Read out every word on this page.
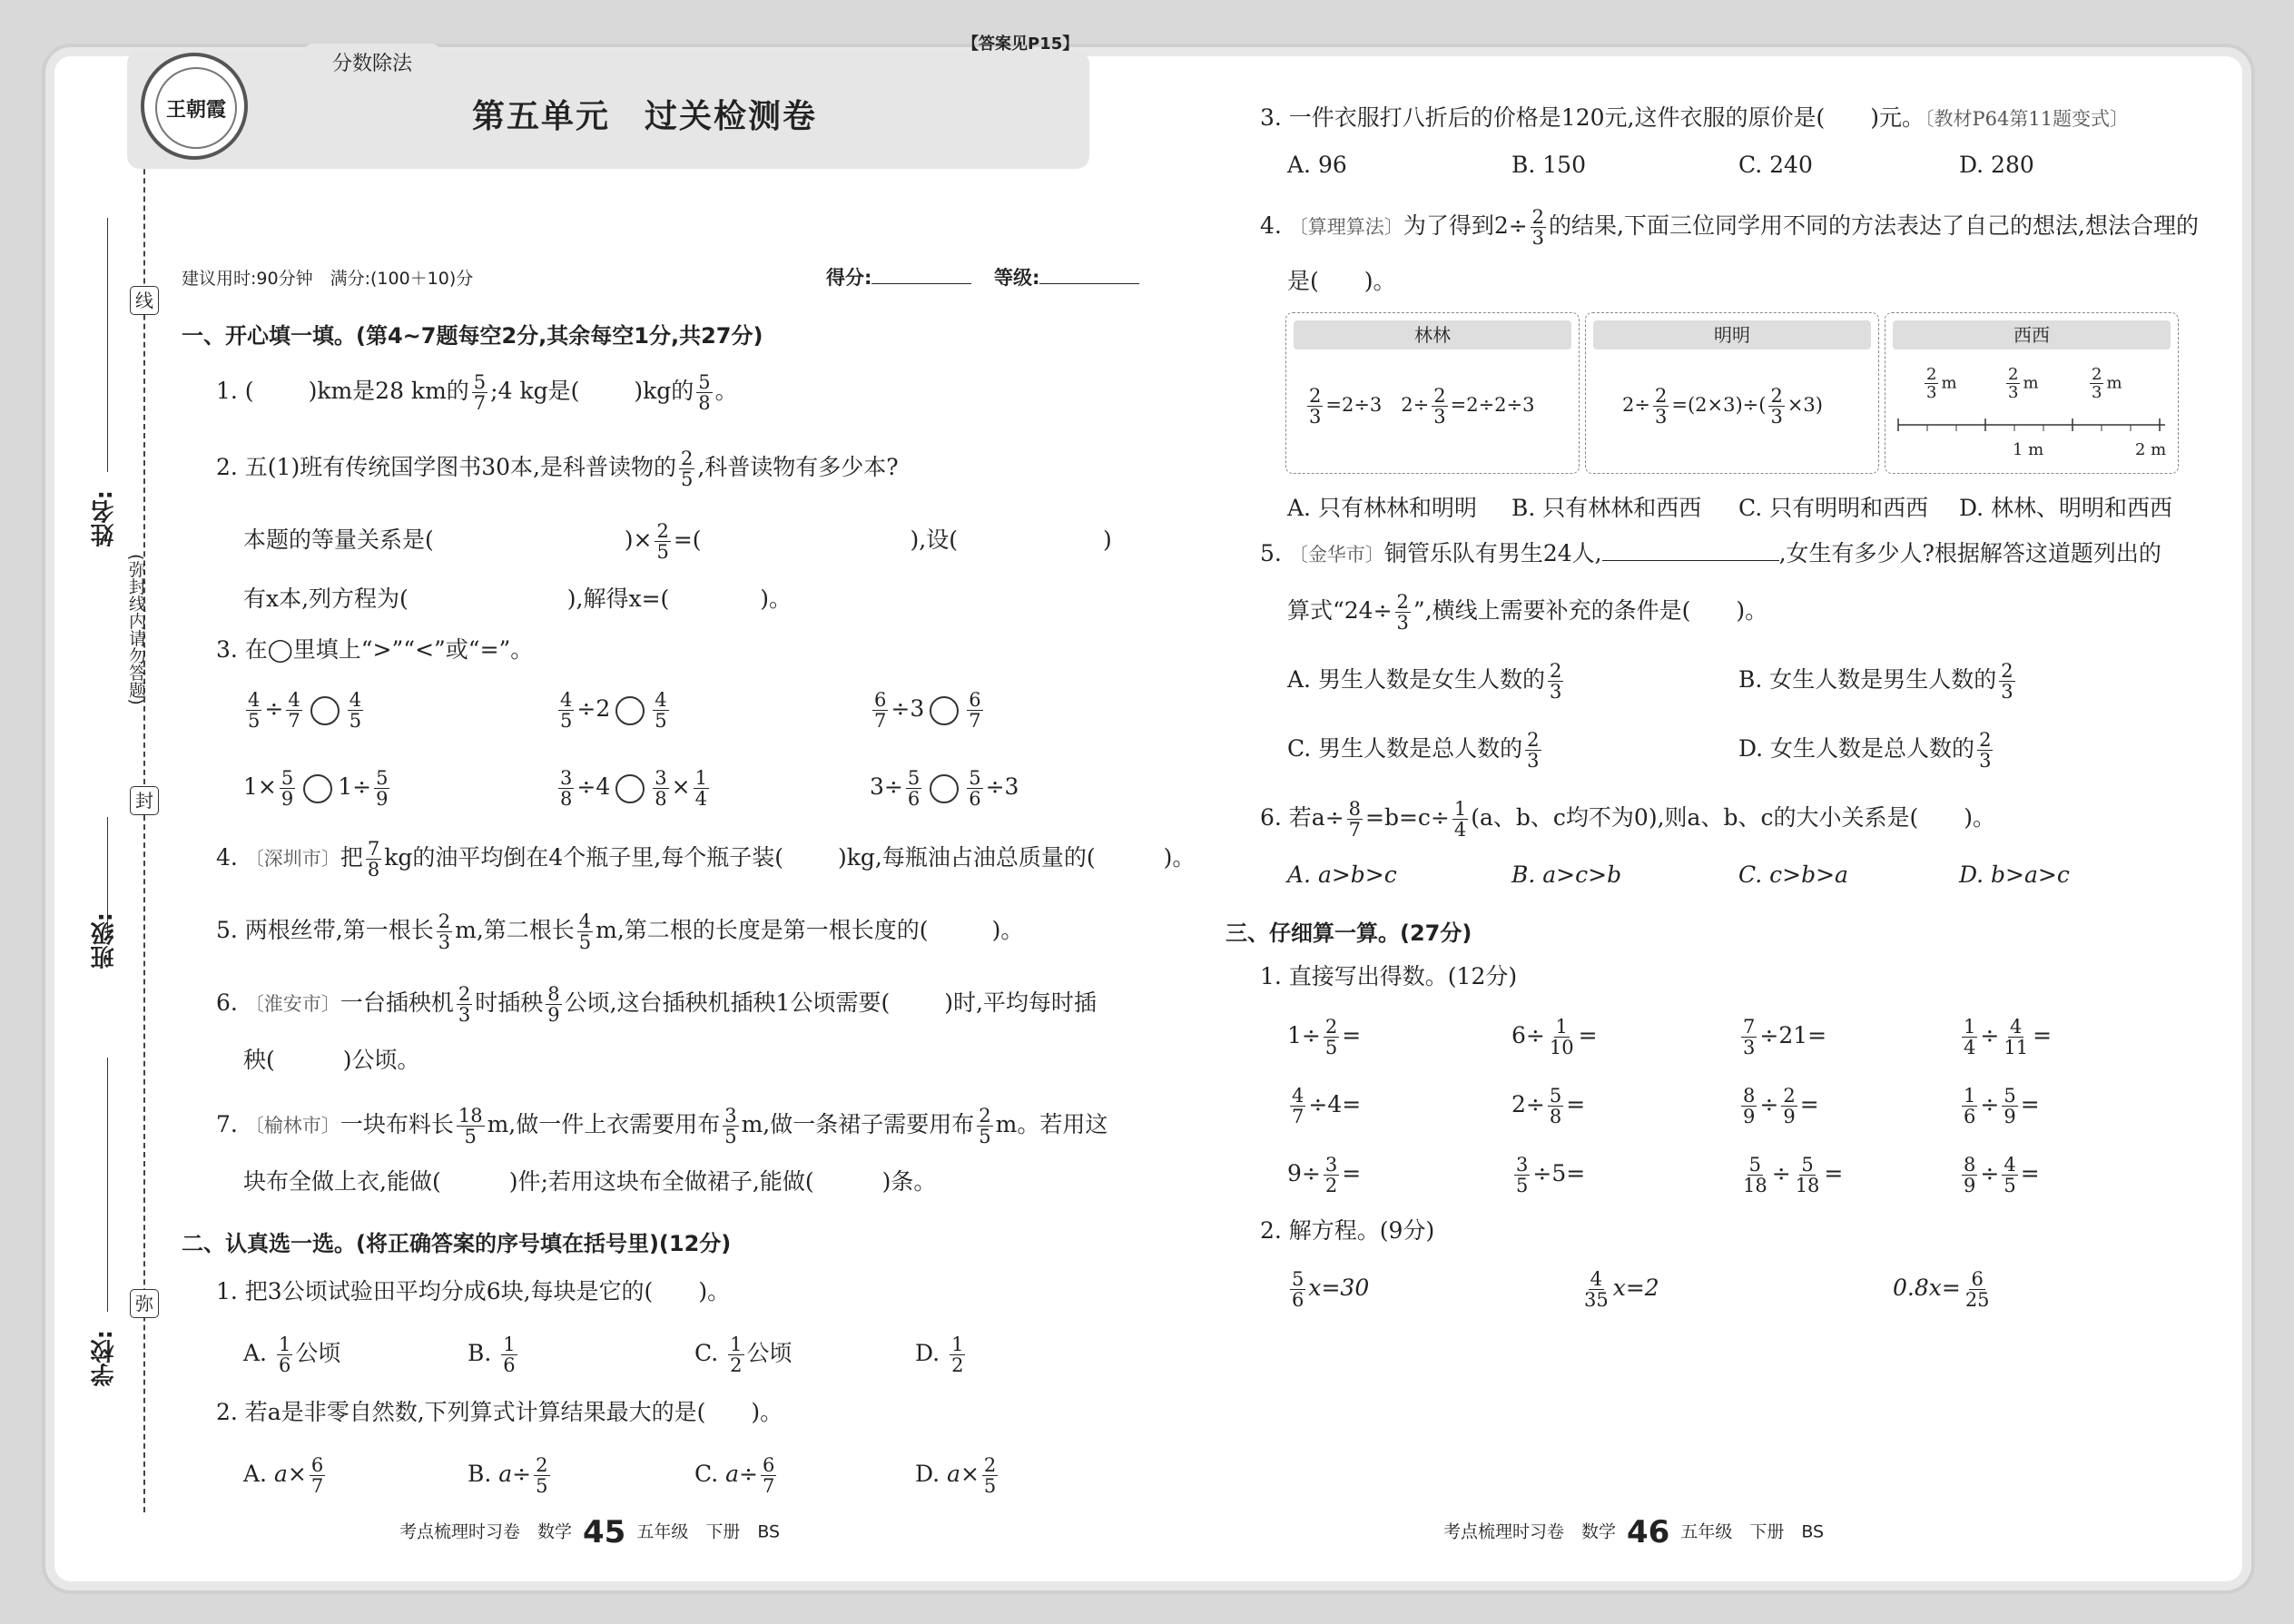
姓名:
班级:
学校:
线
封
弥
(弥封线内请勿答题)
分数除法
王朝霞
【答案见P15】
第五单元　过关检测卷
建议用时:90分钟　满分:(100＋10)分	得分:	等级:
一、开心填一填。(第4~7题每空2分,其余每空1分,共27分)
1. ( )km是28 km的 $\frac{5}{7}$ ;4 kg是( )kg的 $\frac{5}{8}$ 。
2. 五(1)班有传统国学图书30本,是科普读物的 $\frac{2}{5}$ ,科普读物有多少本?
本题的等量关系是(	)× $\frac{2}{5}$ =(	),设(	)
有x本,列方程为(　　　　　　　),解得x=(　　　　)。
3. 在◯里填上“>”“<”或“=”。
$\frac{4}{5} \div \frac{4}{7} \frac{4}{5}$	$\frac{4}{5} \div 2 \frac{4}{5}$	$\frac{6}{7} \div 3 \frac{6}{7}$
$1\times \frac{5}{9} 1\div \frac{5}{9}$	$\frac{3}{8} \div 4 \frac{3}{8} \times \frac{1}{4}$	$3\div \frac{5}{6} \frac{5}{6} \div 3$
4. 〔深圳市〕把 $\frac{7}{8}$ kg的油平均倒在4个瓶子里,每个瓶子装( )kg,每瓶油占油总质量的(	)。
5. 两根丝带,第一根长 $\frac{2}{3} m$,第二根长 $\frac{4}{5} m$,第二根的长度是第一根长度的(	)。
6. 〔淮安市〕一台插秧机 $\frac{2}{3}$ 时插秧 $\frac{8}{9}$ 公顷,这台插秧机插秧1公顷需要( )时,平均每时插
秧(　　　)公顷。
7. 〔榆林市〕一块布料长 $\frac{18}{5} m$,做一件上衣需要用布 $\frac{3}{5} m$,做一条裙子需要用布 $\frac{2}{5}$ m。若用这
块布全做上衣,能做(　　　)件;若用这块布全做裙子,能做(　　　)条。
二、认真选一选。(将正确答案的序号填在括号里)(12分)
1. 把3公顷试验田平均分成6块,每块是它的(　　)。
A. $\frac{1}{6}$ 公顷	B. $\frac{1}{6}$	C. $\frac{1}{2}$ 公顷	D. $\frac{1}{2}$
2. 若a是非零自然数,下列算式计算结果最大的是(　　)。
A. $a\times \frac{6}{7}$	B. $a\div \frac{2}{5}$	C. $a\div \frac{6}{7}$	D. $a\times \frac{2}{5}$
考点梳理时习卷　数学 45 五年级　下册　BS
3. 一件衣服打八折后的价格是120元,这件衣服的原价是(　　)元。〔教材P64第11题变式〕
A. 96	B. 150	C. 240	D. 280
4. 〔算理算法〕为了得到$2\div \frac{2}{3}$ 的结果,下面三位同学用不同的方法表达了自己的想法,想法合理的
是(　　)。
林林
$\frac{2}{3} =2\div 3$　$2\div \frac{2}{3} =2\div 2\div 3$
明明
$2\div \frac{2}{3} =(2\times 3)\div( \frac{2}{3} \times 3)$
西西
$\frac{2}{3}$ m	$\frac{2}{3}$ m	$\frac{2}{3}$ m
1 m	2 m
A. 只有林林和明明 B. 只有林林和西西 C. 只有明明和西西 D. 林林、明明和西西
5. 〔金华市〕铜管乐队有男生24人,	,女生有多少人?根据解答这道题列出的
算式“$24\div \frac{2}{3}$ ”,横线上需要补充的条件是(　　)。
A. 男生人数是女生人数的 $\frac{2}{3}$	B. 女生人数是男生人数的 $\frac{2}{3}$
C. 男生人数是总人数的 $\frac{2}{3}$	D. 女生人数是总人数的 $\frac{2}{3}$
6. 若$a\div \frac{8}{7} =b=c\div \frac{1}{4} (a$、b、c均不为0),则a、b、c的大小关系是(　　)。
A. a>b>c	B. a>c>b	C. c>b>a	D. b>a>c
三、仔细算一算。(27分)
1. 直接写出得数。(12分)
$1\div \frac{2}{5}$ =	$6\div \frac{1}{10}$ =	$\frac{7}{3} \div 21=$	$\frac{1}{4} \div \frac{4}{11}$ =
$\frac{4}{7} \div 4=$	$2\div \frac{5}{8}$ =	$\frac{8}{9} \div \frac{2}{9}$ =	$\frac{1}{6} \div \frac{5}{9}$ =
$9\div \frac{3}{2}$ =	$\frac{3}{5} \div 5=$	$\frac{5}{18} \div \frac{5}{18}$ =	$\frac{8}{9} \div \frac{4}{5}$ =
2. 解方程。(9分)
$\frac{5}{6} x=30$	$\frac{4}{35} x=2$	$0.8x= \frac{6}{25}$
考点梳理时习卷　数学 46 五年级　下册　BS
